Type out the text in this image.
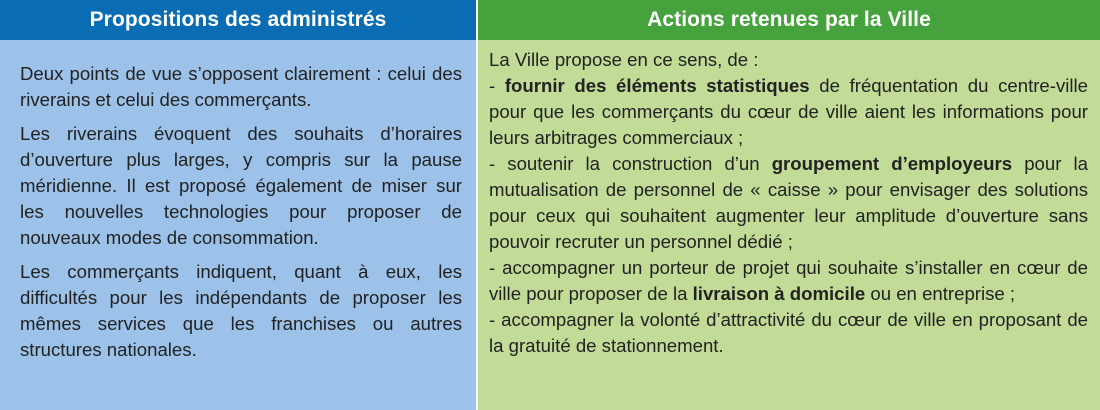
Propositions des administrés	Actions retenues par la Ville

Deux points de vue s’opposent clairement : celui des riverains et celui des commerçants.

Les riverains évoquent des souhaits d’horaires d’ouverture plus larges, y compris sur la pause méridienne. Il est proposé également de miser sur les nouvelles technologies pour proposer de nouveaux modes de consommation.

Les commerçants indiquent, quant à eux, les difficultés pour les indépendants de proposer les mêmes services que les franchises ou autres structures nationales.

La Ville propose en ce sens, de :

- fournir des éléments statistiques de fréquentation du centre-ville pour que les commerçants du cœur de ville aient les informations pour leurs arbitrages commerciaux ;

- soutenir la construction d’un groupement d’employeurs pour la mutualisation de personnel de « caisse » pour envisager des solutions pour ceux qui souhaitent augmenter leur amplitude d’ouverture sans pouvoir recruter un personnel dédié ;

- accompagner un porteur de projet qui souhaite s’installer en cœur de ville pour proposer de la livraison à domicile ou en entreprise ;

- accompagner la volonté d’attractivité du cœur de ville en proposant de la gratuité de stationnement.
